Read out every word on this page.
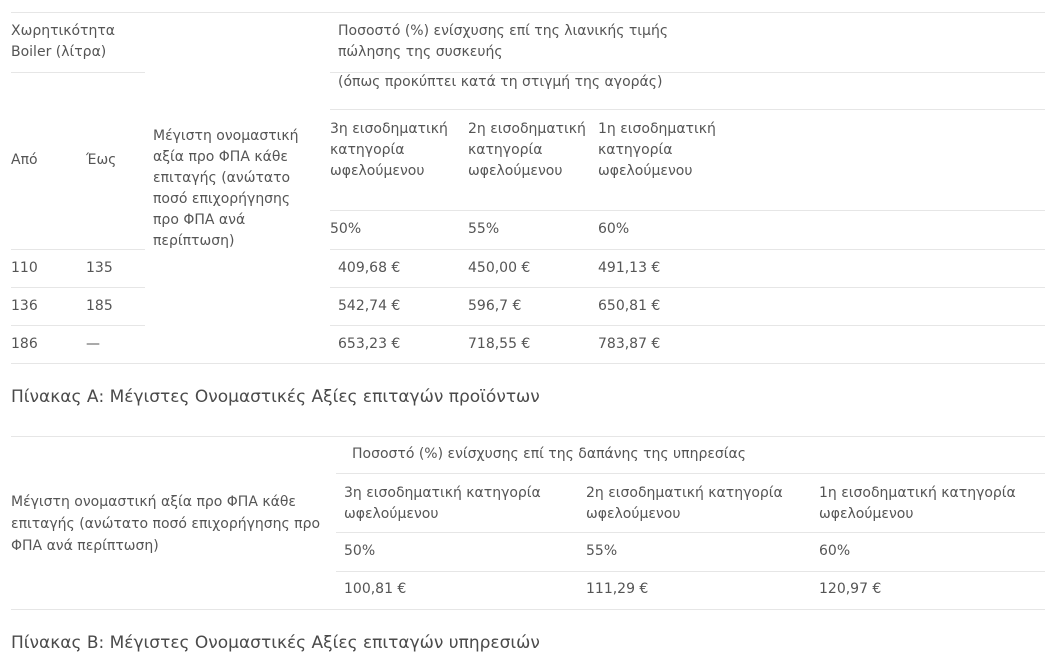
Χωρητικότητα Boiler (λίτρα)
Ποσοστό (%) ενίσχυσης επί της λιανικής τιμής πώλησης της συσκευής
(όπως προκύπτει κατά τη στιγμή της αγοράς)
Από	Έως
Μέγιστη ονομαστική αξία προ ΦΠΑ κάθε επιταγής (ανώτατο ποσό επιχορήγησης προ ΦΠΑ ανά περίπτωση)
3η εισοδηματική κατηγορία ωφελούμενου
2η εισοδηματική κατηγορία ωφελούμενου
1η εισοδηματική κατηγορία ωφελούμενου
50%	55%	60%
110	135	409,68 €	450,00 €	491,13 €
136	185	542,74 €	596,7 €	650,81 €
186	—	653,23 €	718,55 €	783,87 €
Πίνακας Α: Μέγιστες Ονομαστικές Αξίες επιταγών προϊόντων
Ποσοστό (%) ενίσχυσης επί της δαπάνης της υπηρεσίας
Μέγιστη ονομαστική αξία προ ΦΠΑ κάθε επιταγής (ανώτατο ποσό επιχορήγησης προ ΦΠΑ ανά περίπτωση)
3η εισοδηματική κατηγορία ωφελούμενου
2η εισοδηματική κατηγορία ωφελούμενου
1η εισοδηματική κατηγορία ωφελούμενου
50%	55%	60%
100,81 €	111,29 €	120,97 €
Πίνακας Β: Μέγιστες Ονομαστικές Αξίες επιταγών υπηρεσιών
